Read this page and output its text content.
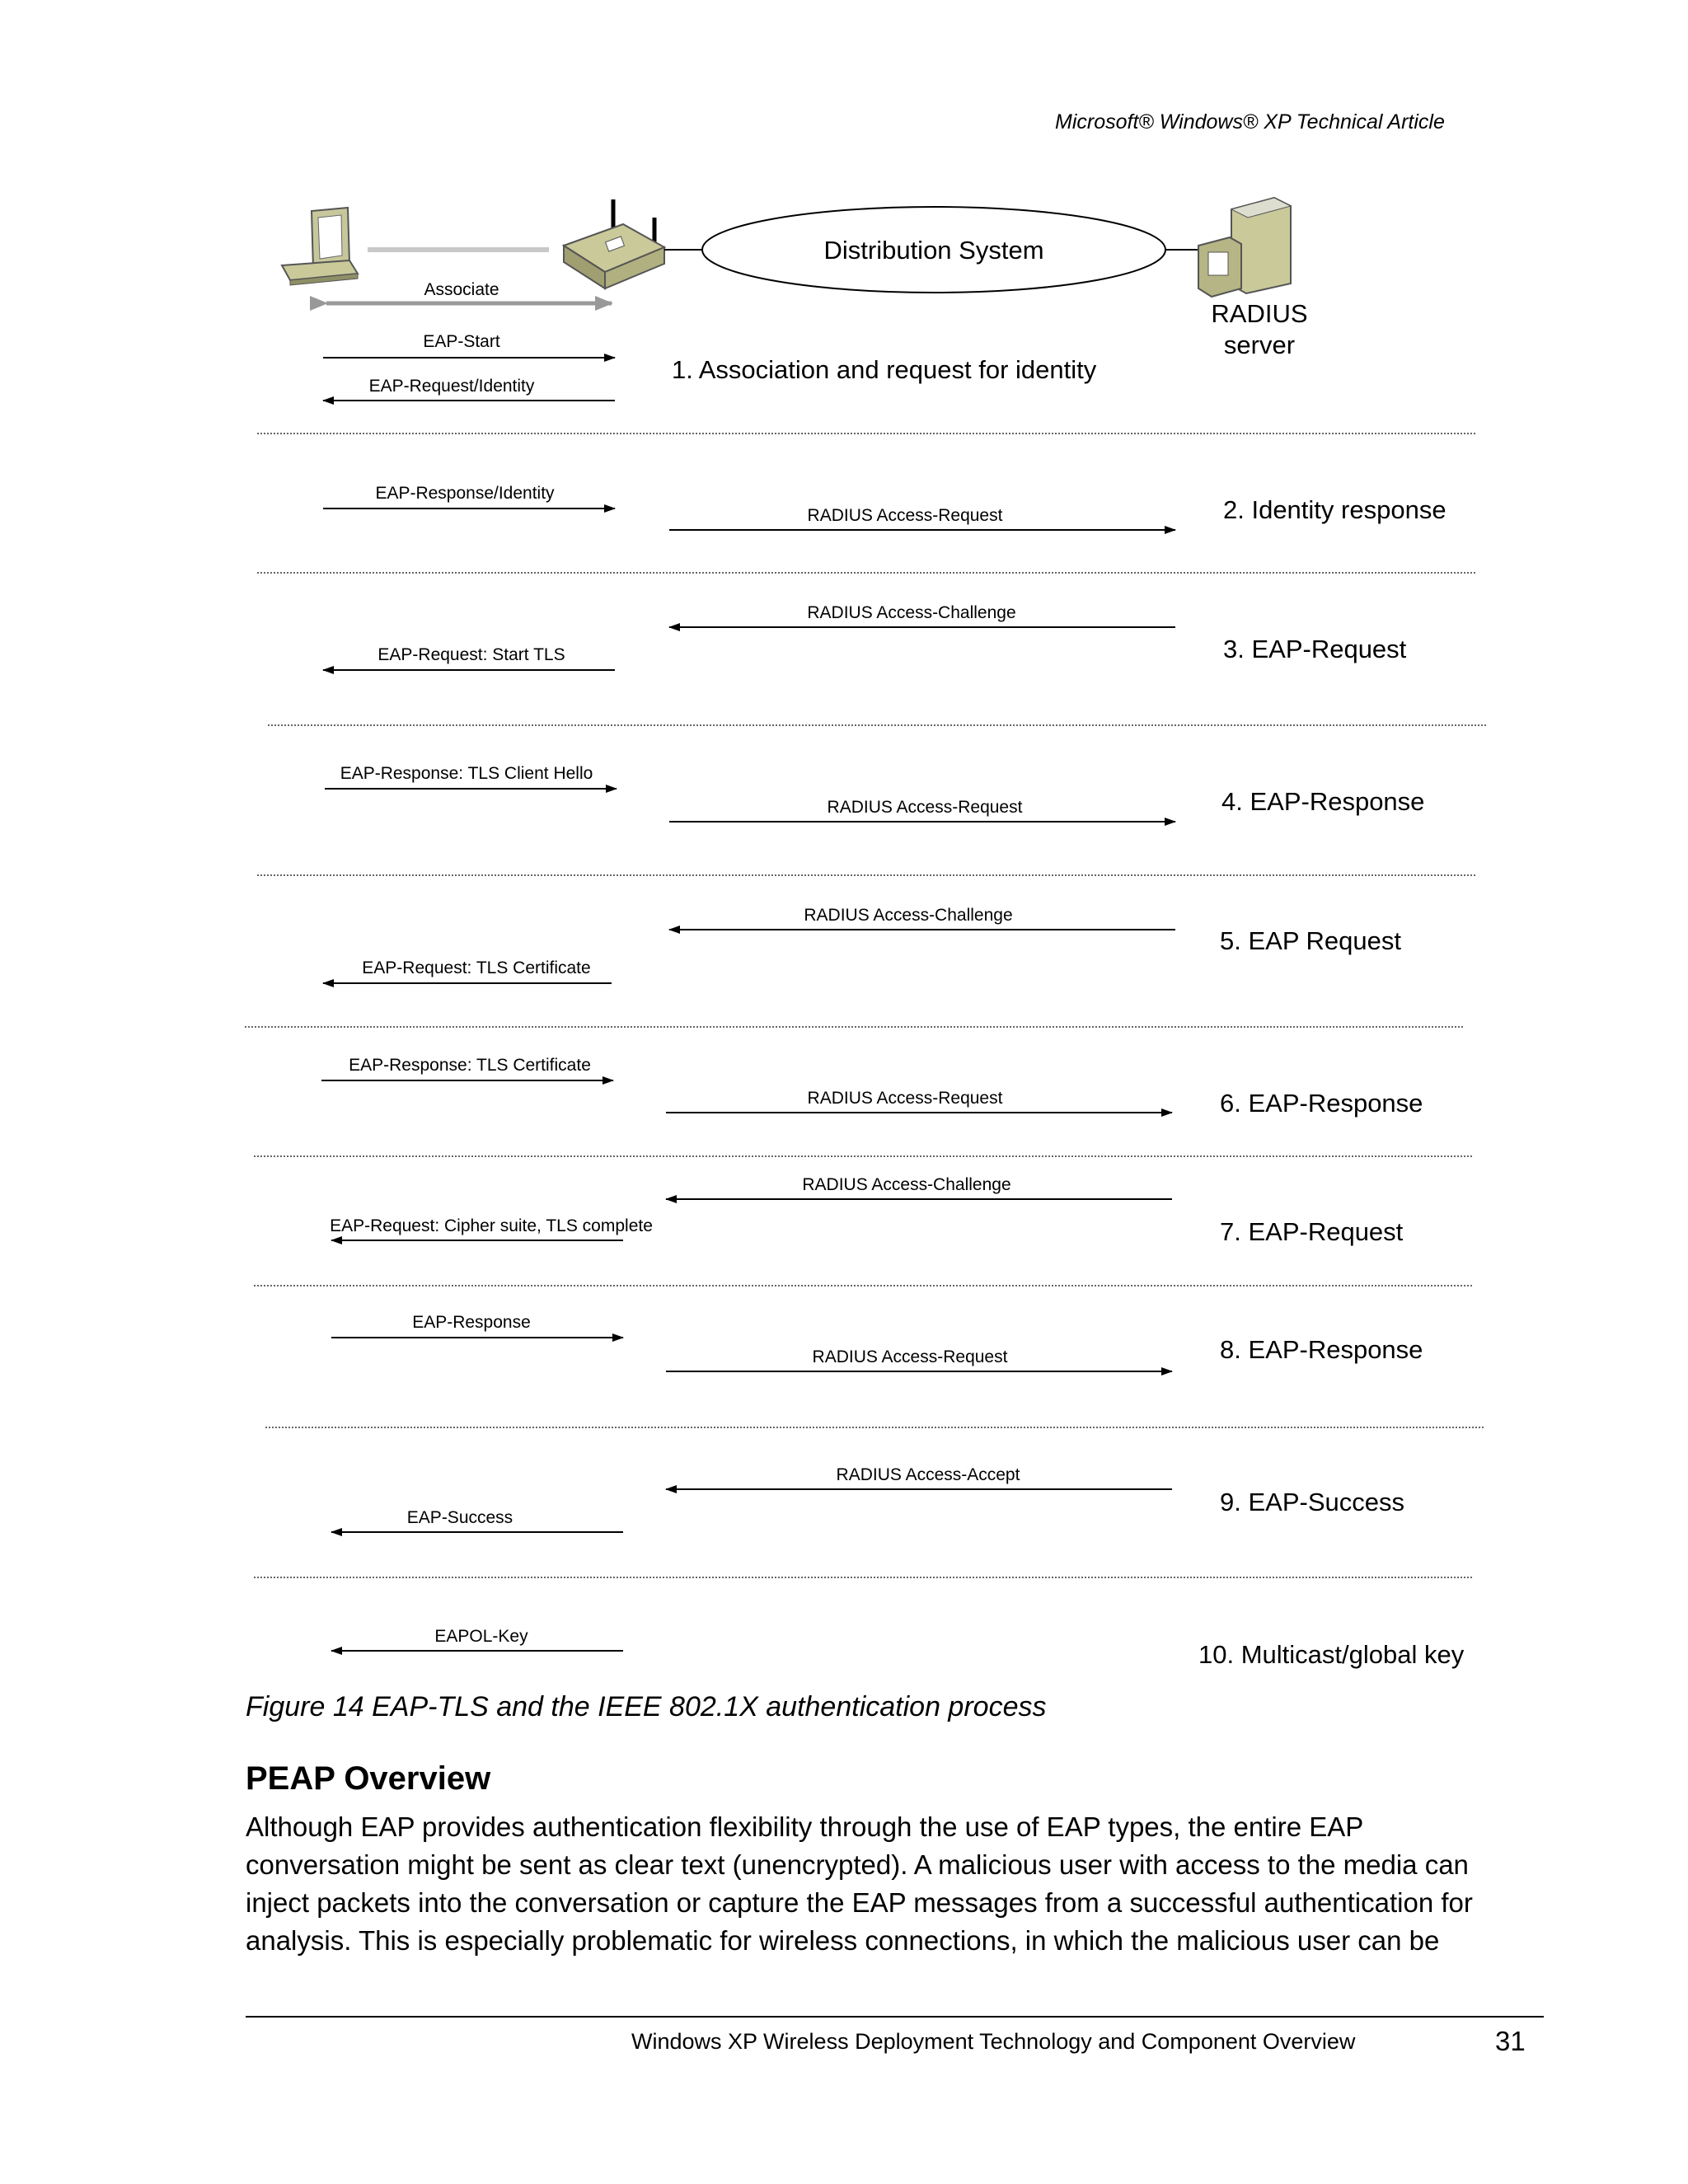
Microsoft® Windows® XP Technical Article
Distribution System
RADIUS
server
Associate
1. Association and request for identity
2. Identity response
3. EAP-Request
4. EAP-Response
5. EAP Request
6. EAP-Response
7. EAP-Request
8. EAP-Response
9. EAP-Success
10. Multicast/global key
EAP-Start
EAP-Request/Identity
EAP-Response/Identity
EAP-Request: Start TLS
EAP-Response: TLS Client Hello
EAP-Request: TLS Certificate
EAP-Response: TLS Certificate
EAP-Request: Cipher suite, TLS complete
EAP-Response
EAP-Success
EAPOL-Key
RADIUS Access-Request
RADIUS Access-Challenge
RADIUS Access-Request
RADIUS Access-Challenge
RADIUS Access-Request
RADIUS Access-Challenge
RADIUS Access-Request
RADIUS Access-Accept
Figure 14 EAP-TLS and the IEEE 802.1X authentication process
PEAP Overview
Although EAP provides authentication flexibility through the use of EAP types, the entire EAP
conversation might be sent as clear text (unencrypted). A malicious user with access to the media can
inject packets into the conversation or capture the EAP messages from a successful authentication for
analysis. This is especially problematic for wireless connections, in which the malicious user can be
Windows XP Wireless Deployment Technology and Component Overview	31
